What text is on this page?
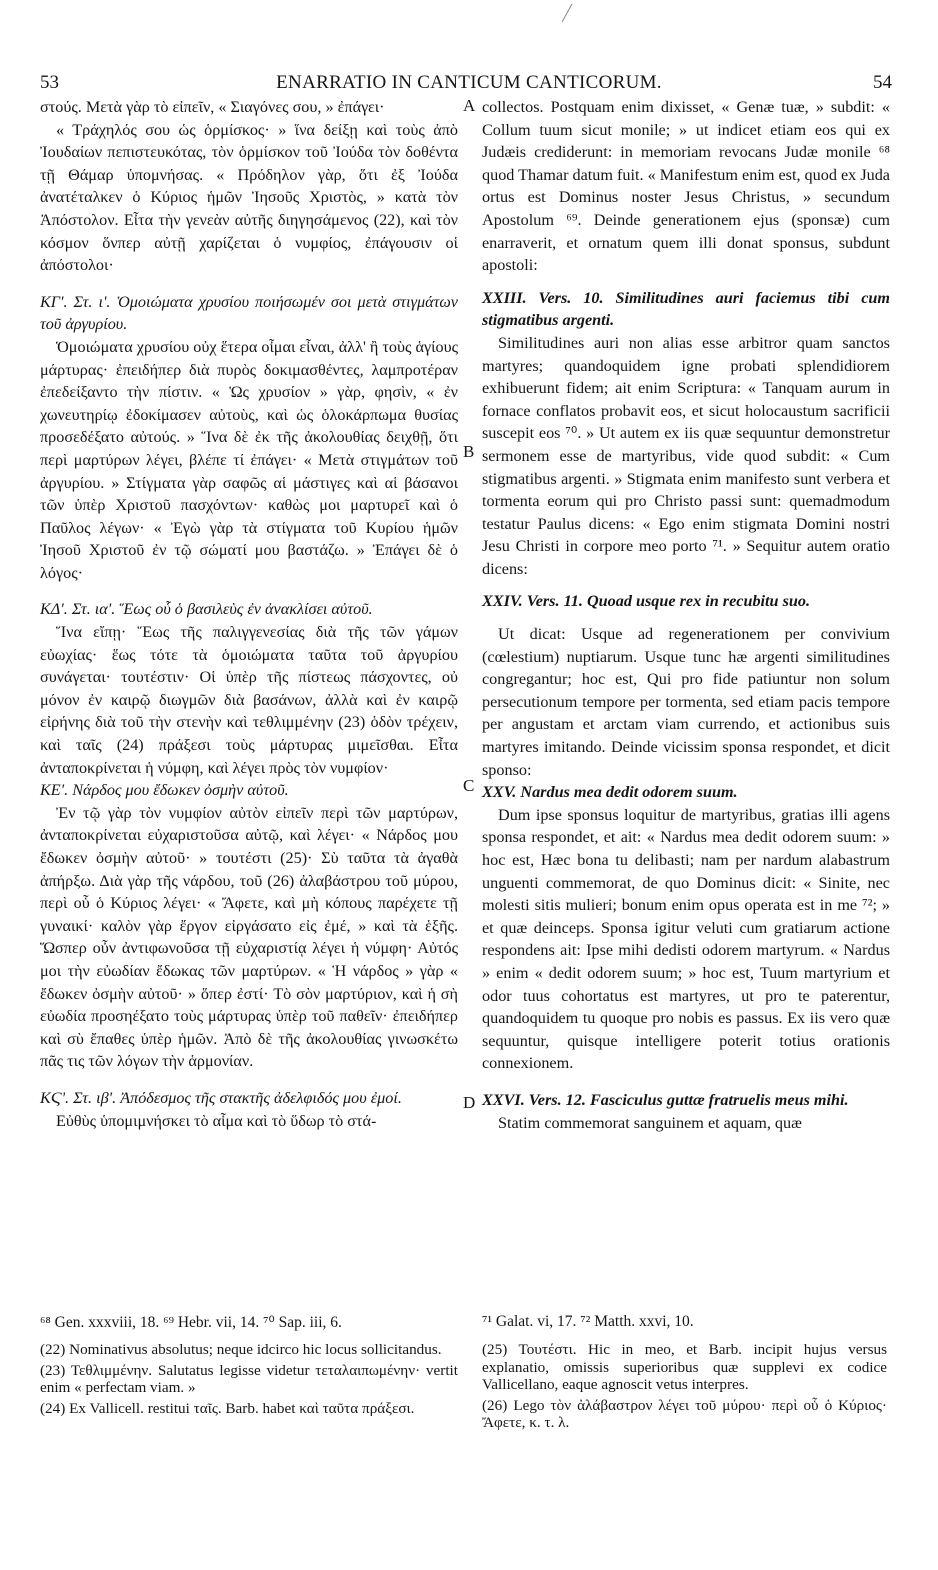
53	ENARRATIO IN CANTICUM CANTICORUM.	54
A
B
C
D

στούς. Μετὰ γὰρ τὸ εἰπεῖν, « Σιαγόνες σου, » ἐπάγει·

« Τράχηλός σου ὡς ὁρμίσκος· » ἵνα δείξῃ καὶ τοὺς ἀπὸ Ἰουδαίων πεπιστευκότας, τὸν ὁρμίσκον τοῦ Ἰούδα τὸν δοθέντα τῇ Θάμαρ ὑπομνήσας. « Πρόδηλον γὰρ, ὅτι ἐξ Ἰούδα ἀνατέταλκεν ὁ Κύριος ἡμῶν Ἰησοῦς Χριστὸς, » κατὰ τὸν Ἀπόστολον. Εἶτα τὴν γενεὰν αὐτῆς διηγησάμενος (22), καὶ τὸν κόσμον ὅνπερ αὐτῇ χαρίζεται ὁ νυμφίος, ἐπάγουσιν οἱ ἀπόστολοι·

ΚΓ'. Στ. ι'. Ὁμοιώματα χρυσίου ποιήσωμέν σοι μετὰ στιγμάτων τοῦ ἀργυρίου.

Ὁμοιώματα χρυσίου οὐχ ἕτερα οἶμαι εἶναι, ἀλλ' ἢ τοὺς ἁγίους μάρτυρας· ἐπειδήπερ διὰ πυρὸς δοκιμασθέντες, λαμπροτέραν ἐπεδείξαντο τὴν πίστιν. « Ὡς χρυσίον » γὰρ, φησὶν, « ἐν χωνευτηρίῳ ἐδοκίμασεν αὐτοὺς, καὶ ὡς ὁλοκάρπωμα θυσίας προσεδέξατο αὐτούς. » Ἵνα δὲ ἐκ τῆς ἀκολουθίας δειχθῇ, ὅτι περὶ μαρτύρων λέγει, βλέπε τί ἐπάγει· « Μετὰ στιγμάτων τοῦ ἀργυρίου. » Στίγματα γὰρ σαφῶς αἱ μάστιγες καὶ αἱ βάσανοι τῶν ὑπὲρ Χριστοῦ πασχόντων· καθὼς μοι μαρτυρεῖ καὶ ὁ Παῦλος λέγων· « Ἐγὼ γὰρ τὰ στίγματα τοῦ Κυρίου ἡμῶν Ἰησοῦ Χριστοῦ ἐν τῷ σώματί μου βαστάζω. » Ἐπάγει δὲ ὁ λόγος·

ΚΔ'. Στ. ια'. Ἕως οὗ ὁ βασιλεὺς ἐν ἀνακλίσει αὐτοῦ.

Ἵνα εἴπῃ· Ἕως τῆς παλιγγενεσίας διὰ τῆς τῶν γάμων εὐωχίας· ἕως τότε τὰ ὁμοιώματα ταῦτα τοῦ ἀργυρίου συνάγεται· τουτέστιν· Οἱ ὑπὲρ τῆς πίστεως πάσχοντες, οὐ μόνον ἐν καιρῷ διωγμῶν διὰ βασάνων, ἀλλὰ καὶ ἐν καιρῷ εἰρήνης διὰ τοῦ τὴν στενὴν καὶ τεθλιμμένην (23) ὁδὸν τρέχειν, καὶ ταῖς (24) πράξεσι τοὺς μάρτυρας μιμεῖσθαι. Εἶτα ἀνταποκρίνεται ἡ νύμφη, καὶ λέγει πρὸς τὸν νυμφίον·

ΚΕ'. Νάρδος μου ἔδωκεν ὀσμὴν αὐτοῦ.

Ἐν τῷ γὰρ τὸν νυμφίον αὐτὸν εἰπεῖν περὶ τῶν μαρτύρων, ἀνταποκρίνεται εὐχαριστοῦσα αὐτῷ, καὶ λέγει· « Νάρδος μου ἔδωκεν ὀσμὴν αὐτοῦ· » τουτέστι (25)· Σὺ ταῦτα τὰ ἀγαθὰ ἀπήρξω. Διὰ γὰρ τῆς νάρδου, τοῦ (26) ἀλαβάστρου τοῦ μύρου, περὶ οὗ ὁ Κύριος λέγει· « Ἄφετε, καὶ μὴ κόπους παρέχετε τῇ γυναικί· καλὸν γὰρ ἔργον εἰργάσατο εἰς ἐμέ, » καὶ τὰ ἑξῆς. Ὥσπερ οὖν ἀντιφωνοῦσα τῇ εὐχαριστίᾳ λέγει ἡ νύμφη· Αὐτός μοι τὴν εὐωδίαν ἔδωκας τῶν μαρτύρων. « Ἡ νάρδος » γὰρ « ἔδωκεν ὀσμὴν αὐτοῦ· » ὅπερ ἐστί· Τὸ σὸν μαρτύριον, καὶ ἡ σὴ εὐωδία προσηέξατο τοὺς μάρτυρας ὑπὲρ τοῦ παθεῖν· ἐπειδήπερ καὶ σὺ ἔπαθες ὑπὲρ ἡμῶν. Ἀπὸ δὲ τῆς ἀκολουθίας γινωσκέτω πᾶς τις τῶν λόγων τὴν ἁρμονίαν.

ΚϚ'. Στ. ιβ'. Ἀπόδεσμος τῆς στακτῆς ἀδελφιδός μου ἐμοί.

Εὐθὺς ὑπομιμνήσκει τὸ αἷμα καὶ τὸ ὕδωρ τὸ στά-

collectos. Postquam enim dixisset, « Genæ tuæ, » subdit: « Collum tuum sicut monile; » ut indicet etiam eos qui ex Judæis crediderunt: in memoriam revocans Judæ monile ⁶⁸ quod Thamar datum fuit. « Manifestum enim est, quod ex Juda ortus est Dominus noster Jesus Christus, » secundum Apostolum ⁶⁹. Deinde generationem ejus (sponsæ) cum enarraverit, et ornatum quem illi donat sponsus, subdunt apostoli:

XXIII. Vers. 10. Similitudines auri faciemus tibi cum stigmatibus argenti.

Similitudines auri non alias esse arbitror quam sanctos martyres; quandoquidem igne probati splendidiorem exhibuerunt fidem; ait enim Scriptura: « Tanquam aurum in fornace conflatos probavit eos, et sicut holocaustum sacrificii suscepit eos ⁷⁰. » Ut autem ex iis quæ sequuntur demonstretur sermonem esse de martyribus, vide quod subdit: « Cum stigmatibus argenti. » Stigmata enim manifesto sunt verbera et tormenta eorum qui pro Christo passi sunt: quemadmodum testatur Paulus dicens: « Ego enim stigmata Domini nostri Jesu Christi in corpore meo porto ⁷¹. » Sequitur autem oratio dicens:

XXIV. Vers. 11. Quoad usque rex in recubitu suo.

Ut dicat: Usque ad regenerationem per convivium (cœlestium) nuptiarum. Usque tunc hæ argenti similitudines congregantur; hoc est, Qui pro fide patiuntur non solum persecutionum tempore per tormenta, sed etiam pacis tempore per angustam et arctam viam currendo, et actionibus suis martyres imitando. Deinde vicissim sponsa respondet, et dicit sponso:

XXV. Nardus mea dedit odorem suum.

Dum ipse sponsus loquitur de martyribus, gratias illi agens sponsa respondet, et ait: « Nardus mea dedit odorem suum: » hoc est, Hæc bona tu delibasti; nam per nardum alabastrum unguenti commemorat, de quo Dominus dicit: « Sinite, nec molesti sitis mulieri; bonum enim opus operata est in me ⁷²; » et quæ deinceps. Sponsa igitur veluti cum gratiarum actione respondens ait: Ipse mihi dedisti odorem martyrum. « Nardus » enim « dedit odorem suum; » hoc est, Tuum martyrium et odor tuus cohortatus est martyres, ut pro te paterentur, quandoquidem tu quoque pro nobis es passus. Ex iis vero quæ sequuntur, quisque intelligere poterit totius orationis connexionem.

XXVI. Vers. 12. Fasciculus guttæ fratruelis meus mihi.

Statim commemorat sanguinem et aquam, quæ

⁶⁸ Gen. xxxviii, 18. ⁶⁹ Hebr. vii, 14. ⁷⁰ Sap. iii, 6.	⁷¹ Galat. vi, 17. ⁷² Matth. xxvi, 10.

(22) Nominativus absolutus; neque idcirco hic locus sollicitandus.

(23) Τεθλιμμένην. Salutatus legisse videtur τεταλαιπωμένην· vertit enim « perfectam viam. »

(24) Ex Vallicell. restitui ταῖς. Barb. habet καὶ ταῦτα πράξεσι.

(25) Τουτέστι. Hic in meo, et Barb. incipit hujus versus explanatio, omissis superioribus quæ supplevi ex codice Vallicellano, eaque agnoscit vetus interpres.

(26) Lego τὸν ἀλάβαστρον λέγει τοῦ μύρου· περὶ οὗ ὁ Κύριος· Ἄφετε, κ. τ. λ.
